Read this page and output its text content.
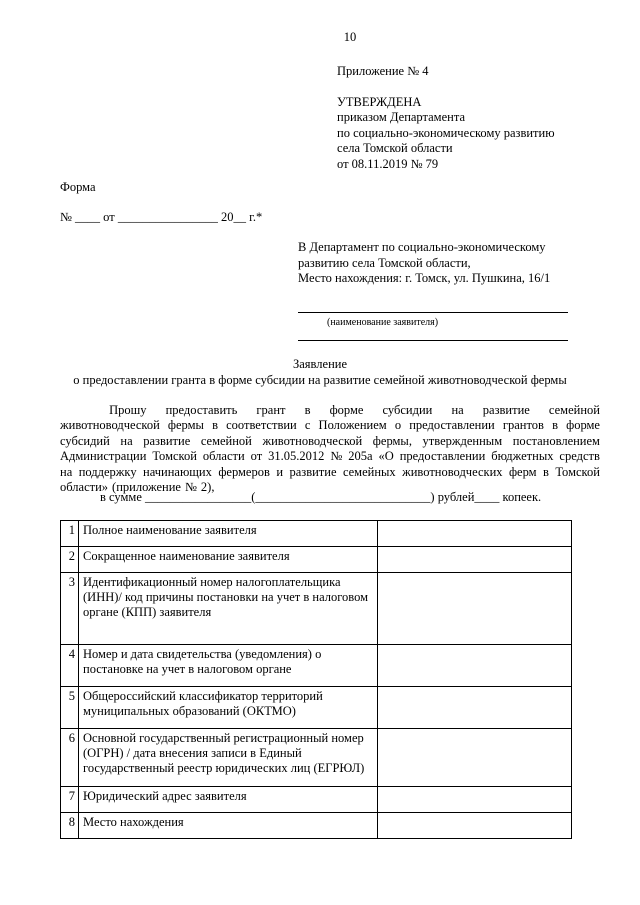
10
Приложение № 4
УТВЕРЖДЕНА
приказом Департамента
по социально-экономическому развитию
села Томской области
от 08.11.2019 № 79
Форма
№ ____ от ________________ 20__ г.*
В Департамент по социально-экономическому
развитию села Томской области,
Место нахождения: г. Томск, ул. Пушкина, 16/1
(наименование заявителя)
Заявление
о предоставлении гранта в форме субсидии на развитие семейной животноводческой фермы
Прошу предоставить грант в форме субсидии на развитие семейной
животноводческой фермы в соответствии с Положением о предоставлении грантов в форме
субсидий на развитие семейной животноводческой фермы, утвержденным постановлением
Администрации Томской области от 31.05.2012 № 205а «О предоставлении бюджетных средств
на поддержку начинающих фермеров и развитие семейных животноводческих ферм в Томской
области» (приложение № 2),
в сумме _________________(____________________________) рублей____ копеек.
1	Полное наименование заявителя	
2	Сокращенное наименование заявителя	
3	Идентификационный номер налогоплательщика (ИНН)/ код причины постановки на учет в налоговом органе (КПП) заявителя	
4	Номер и дата свидетельства (уведомления) о постановке на учет в налоговом органе	
5	Общероссийский классификатор территорий муниципальных образований (ОКТМО)	
6	Основной государственный регистрационный номер (ОГРН) / дата внесения записи в Единый государственный реестр юридических лиц (ЕГРЮЛ)	
7	Юридический адрес заявителя	
8	Место нахождения	
